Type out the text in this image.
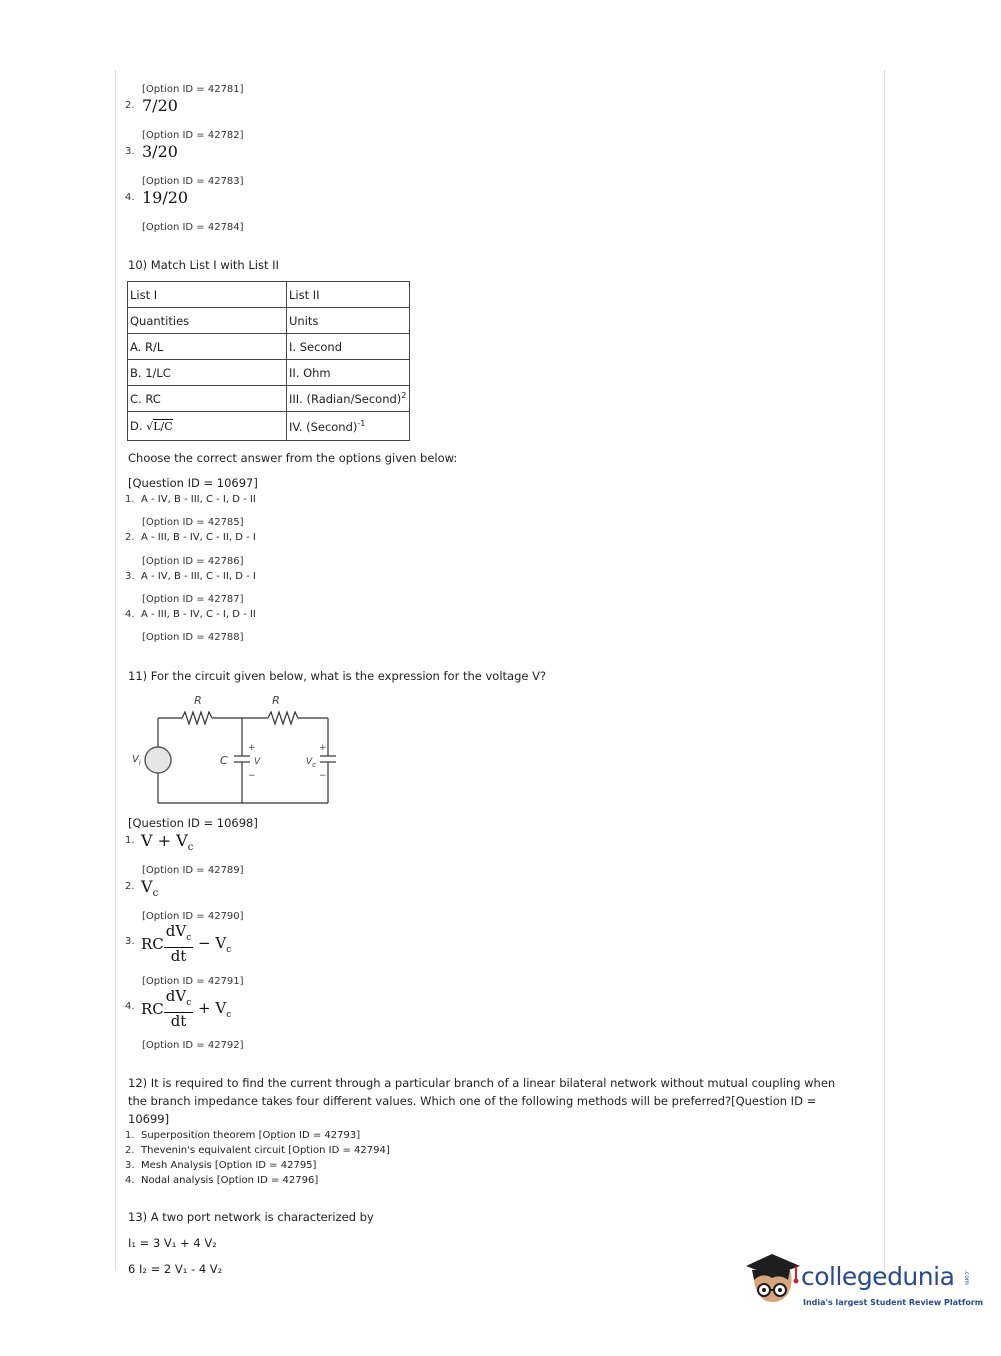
[Option ID = 42781]
2. 7/20
[Option ID = 42782]
3. 3/20
[Option ID = 42783]
4. 19/20
[Option ID = 42784]
10) Match List I with List II
List I	List II
Quantities	Units
A. R/L	I. Second
B. 1/LC	II. Ohm
C. RC	III. (Radian/Second)$^2$
D. √L/C	IV. (Second)$^{-1}$
Choose the correct answer from the options given below:
[Question ID = 10697]
1. A - IV, B - III, C - I, D - II
[Option ID = 42785]
2. A - III, B - IV, C - II, D - I
[Option ID = 42786]
3. A - IV, B - III, C - II, D - I
[Option ID = 42787]
4. A - III, B - IV, C - I, D - II
[Option ID = 42788]
11) For the circuit given below, what is the expression for the voltage V?
R	R
$V_i$	C	V
+
−
$V_c$
+
−
[Question ID = 10698]
1. $V + V_c$
[Option ID = 42789]
2. $V_c$
[Option ID = 42790]
3. RC $\frac{dV_c}{dt} - V_c$
[Option ID = 42791]
4. RC $\frac{dV_c}{dt} + V_c$
[Option ID = 42792]
12) It is required to find the current through a particular branch of a linear bilateral network without mutual coupling when
the branch impedance takes four different values. Which one of the following methods will be preferred?[Question ID =
10699]
1. Superposition theorem [Option ID = 42793]
2. Thevenin's equivalent circuit [Option ID = 42794]
3. Mesh Analysis [Option ID = 42795]
4. Nodal analysis [Option ID = 42796]
13) A two port network is characterized by
I₁ = 3 V₁ + 4 V₂
6 I₂ = 2 V₁ - 4 V₂	collegedunia .com
India's largest Student Review Platform
